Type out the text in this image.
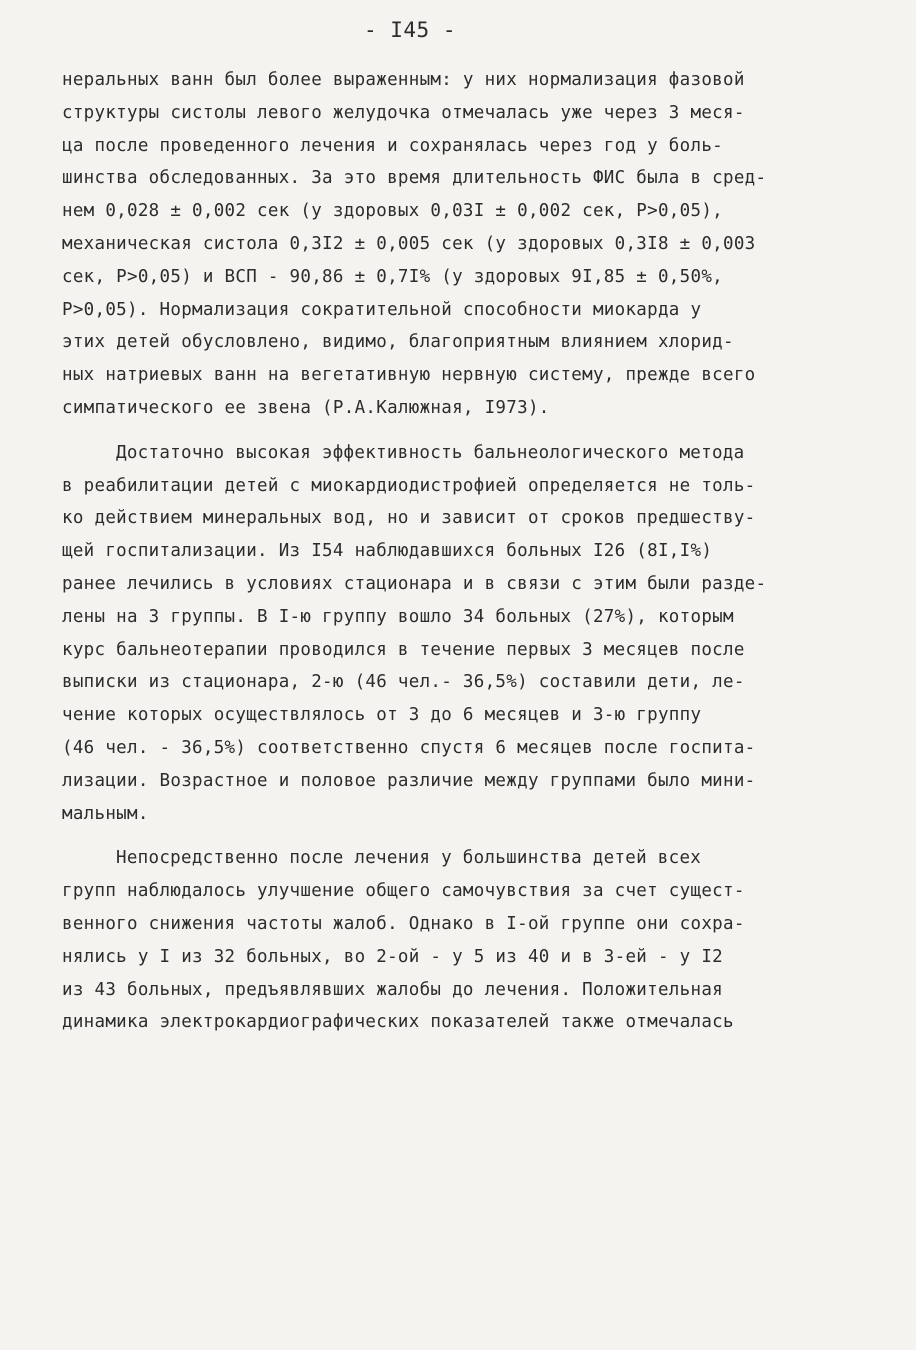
- I45 -
неральных ванн был более выраженным: у них нормализация фазовой
структуры систолы левого желудочка отмечалась уже через 3 меся-
ца после проведенного лечения и сохранялась через год у боль-
шинства обследованных. За это время длительность ФИС была в сред-
нем 0,028 ± 0,002 сек (у здоровых 0,03I ± 0,002 сек, Р>0,05),
механическая систола 0,3I2 ± 0,005 сек (у здоровых 0,3I8 ± 0,003
сек, Р>0,05) и ВСП - 90,86 ± 0,7I% (у здоровых 9I,85 ± 0,50%,
Р>0,05). Нормализация сократительной способности миокарда у
этих детей обусловлено, видимо, благоприятным влиянием хлорид-
ных натриевых ванн на вегетативную нервную систему, прежде всего
симпатического ее звена (Р.А.Калюжная, I973).
Достаточно высокая эффективность бальнеологического метода
в реабилитации детей с миокардиодистрофией определяется не толь-
ко действием минеральных вод, но и зависит от сроков предшеству-
щей госпитализации. Из I54 наблюдавшихся больных I26 (8I,I%)
ранее лечились в условиях стационара и в связи с этим были разде-
лены на 3 группы. В I-ю группу вошло 34 больных (27%), которым
курс бальнеотерапии проводился в течение первых 3 месяцев после
выписки из стационара, 2-ю (46 чел.- 36,5%) составили дети, ле-
чение которых осуществлялось от 3 до 6 месяцев и 3-ю группу
(46 чел. - 36,5%) соответственно спустя 6 месяцев после госпита-
лизации. Возрастное и половое различие между группами было мини-
мальным.
Непосредственно после лечения у большинства детей всех
групп наблюдалось улучшение общего самочувствия за счет сущест-
венного снижения частоты жалоб. Однако в I-ой группе они сохра-
нялись у I из 32 больных, во 2-ой - у 5 из 40 и в 3-ей - у I2
из 43 больных, предъявлявших жалобы до лечения. Положительная
динамика электрокардиографических показателей также отмечалась
